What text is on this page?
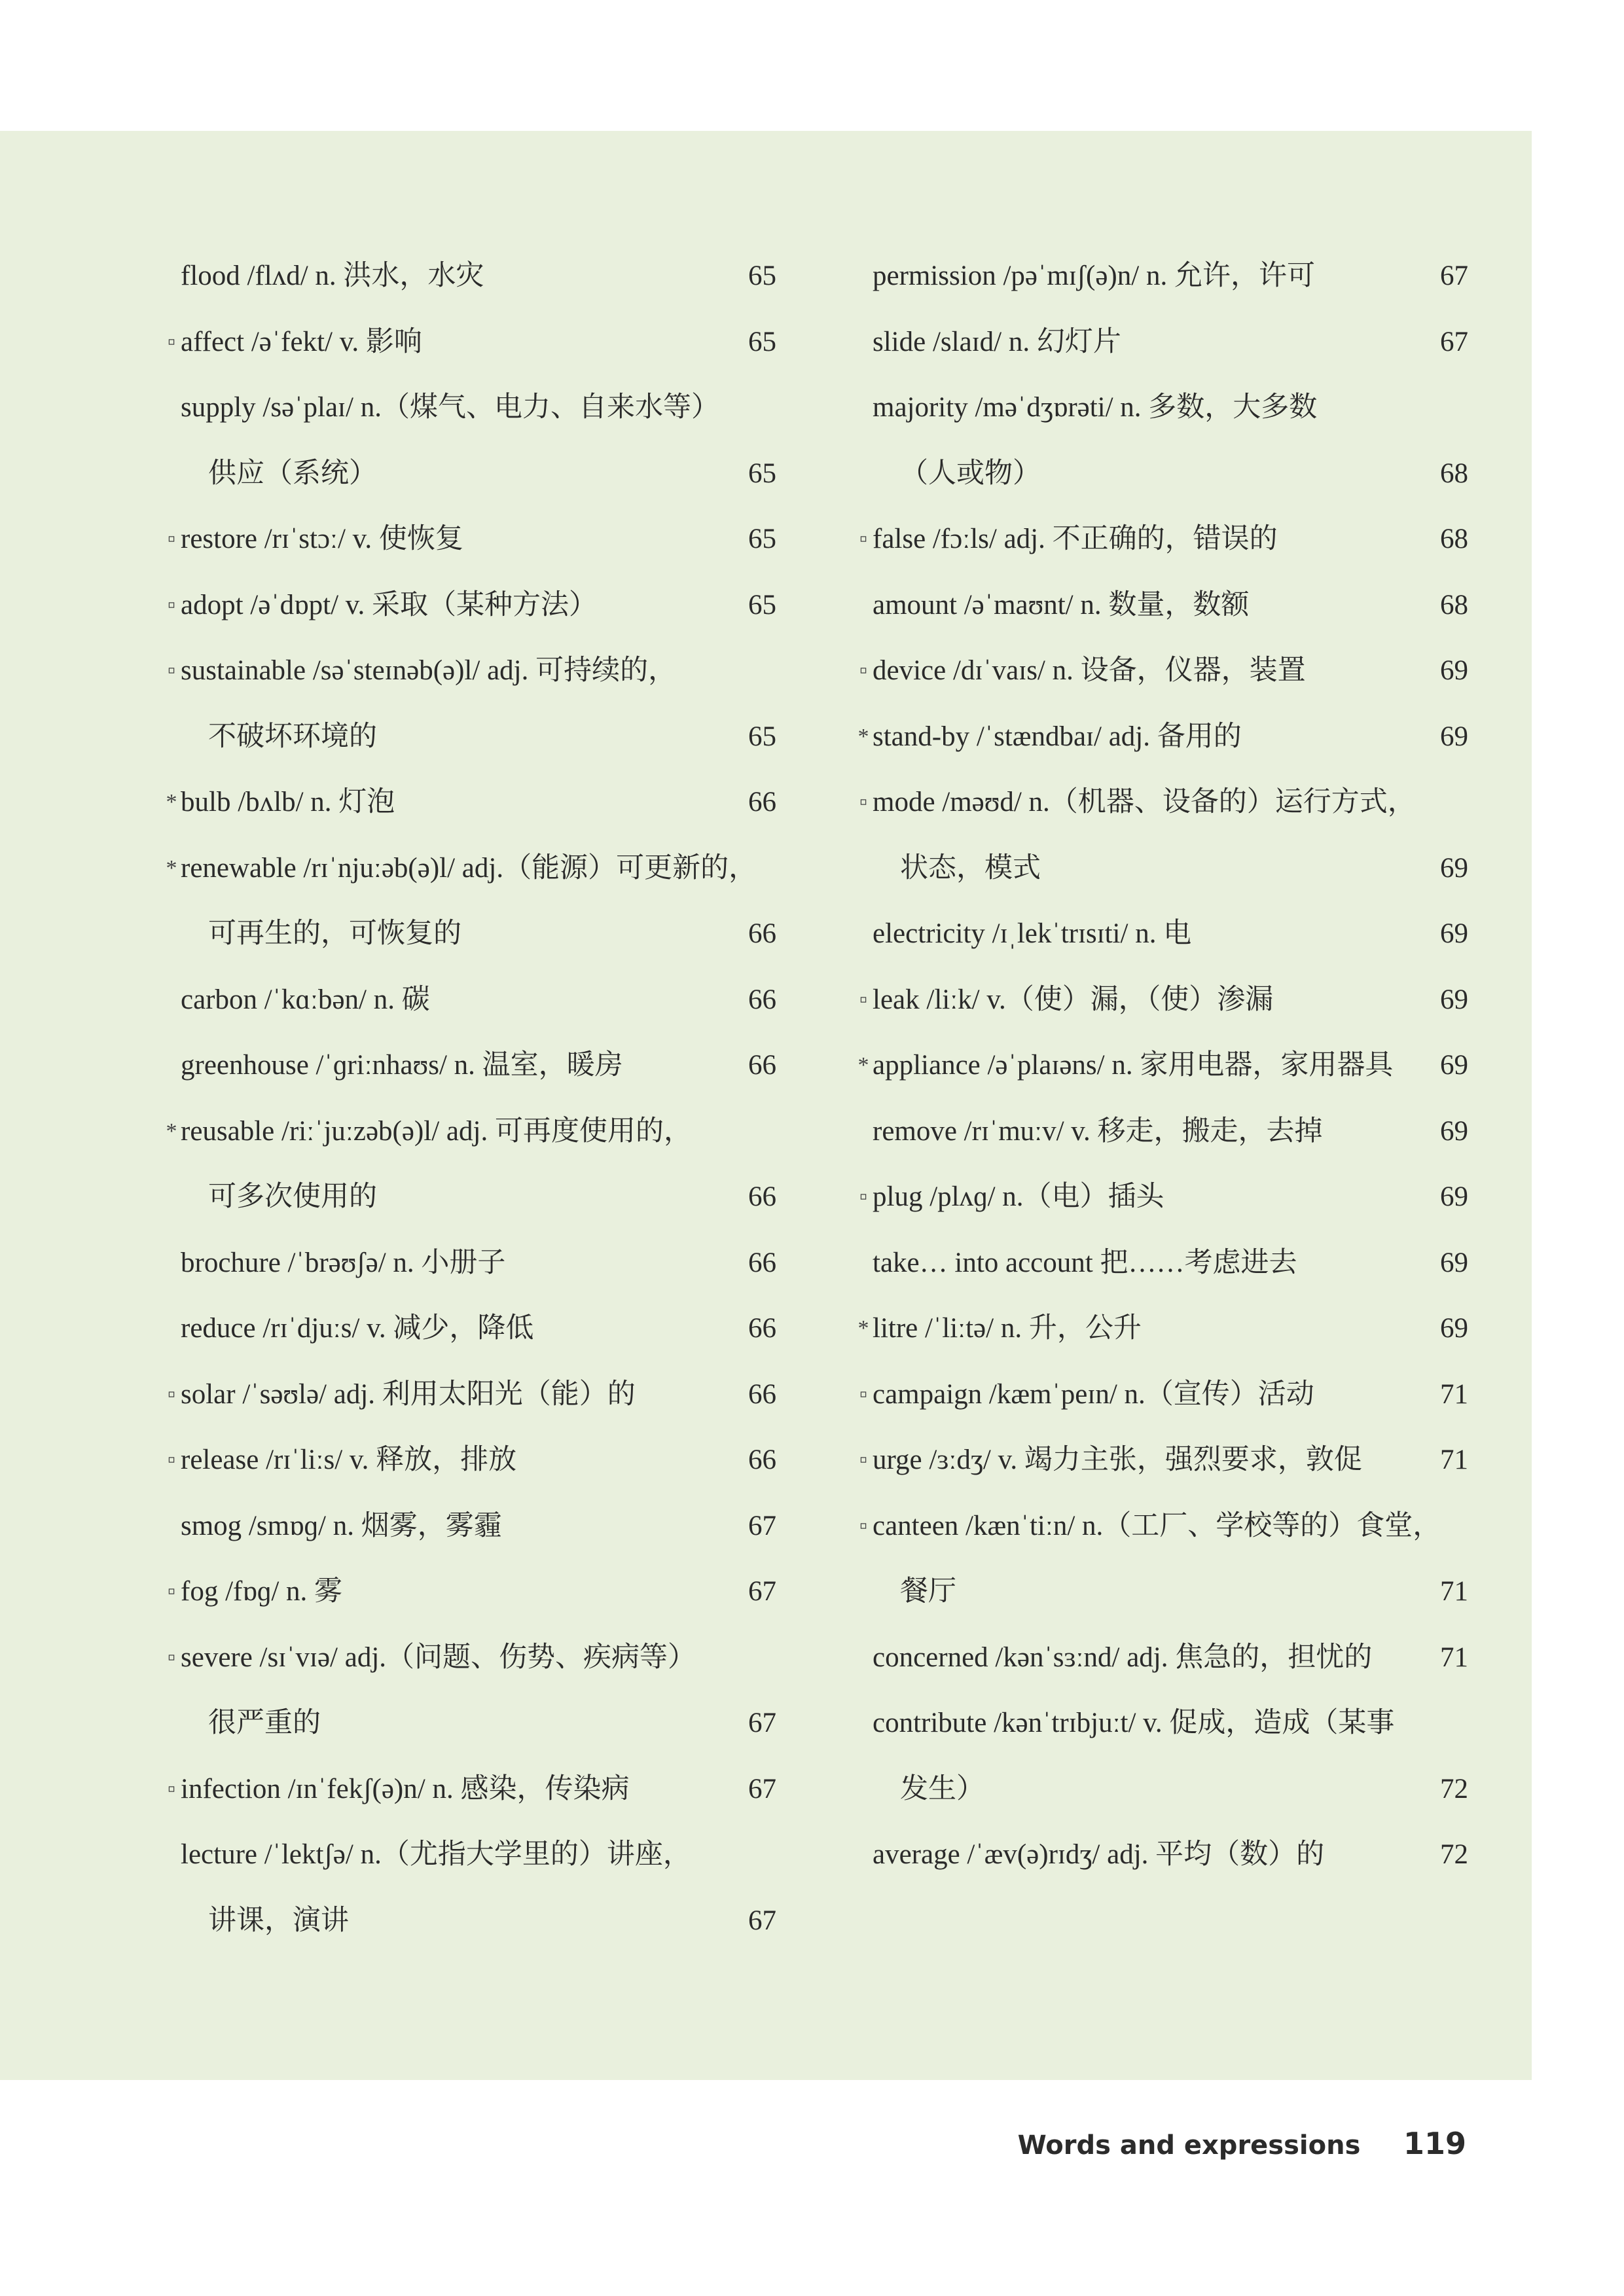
flood /flʌd/ n. 洪水，水灾	65
▫ affect /əˈfekt/ v. 影响	65
supply /səˈplaɪ/ n.（煤气、电力、自来水等）
供应（系统）	65
▫ restore /rɪˈstɔː/ v. 使恢复	65
▫ adopt /əˈdɒpt/ v. 采取（某种方法）	65
▫ sustainable /səˈsteɪnəb(ə)l/ adj. 可持续的，
不破坏环境的	65
* bulb /bʌlb/ n. 灯泡	66
* renewable /rɪˈnjuːəb(ə)l/ adj.（能源）可更新的，
可再生的，可恢复的	66
carbon /ˈkɑːbən/ n. 碳	66
greenhouse /ˈɡriːnhaʊs/ n. 温室，暖房	66
* reusable /riːˈjuːzəb(ə)l/ adj. 可再度使用的，
可多次使用的	66
brochure /ˈbrəʊʃə/ n. 小册子	66
reduce /rɪˈdjuːs/ v. 减少，降低	66
▫ solar /ˈsəʊlə/ adj. 利用太阳光（能）的	66
▫ release /rɪˈliːs/ v. 释放，排放	66
smog /smɒɡ/ n. 烟雾，雾霾	67
▫ fog /fɒɡ/ n. 雾	67
▫ severe /sɪˈvɪə/ adj.（问题、伤势、疾病等）
很严重的	67
▫ infection /ɪnˈfekʃ(ə)n/ n. 感染，传染病	67
lecture /ˈlektʃə/ n.（尤指大学里的）讲座，
讲课，演讲	67
permission /pəˈmɪʃ(ə)n/ n. 允许，许可	67
slide /slaɪd/ n. 幻灯片	67
majority /məˈdʒɒrəti/ n. 多数，大多数
（人或物）	68
▫ false /fɔːls/ adj. 不正确的，错误的	68
amount /əˈmaʊnt/ n. 数量，数额	68
▫ device /dɪˈvaɪs/ n. 设备，仪器，装置	69
* stand-by /ˈstændbaɪ/ adj. 备用的	69
▫ mode /məʊd/ n.（机器、设备的）运行方式，
状态，模式	69
electricity /ɪˌlekˈtrɪsɪti/ n. 电	69
▫ leak /liːk/ v.（使）漏，（使）渗漏	69
* appliance /əˈplaɪəns/ n. 家用电器，家用器具 69
remove /rɪˈmuːv/ v. 移走，搬走，去掉	69
▫ plug /plʌɡ/ n.（电）插头	69
take… into account 把……考虑进去	69
* litre /ˈliːtə/ n. 升，公升	69
▫ campaign /kæmˈpeɪn/ n.（宣传）活动	71
▫ urge /ɜːdʒ/ v. 竭力主张，强烈要求，敦促	71
▫ canteen /kænˈtiːn/ n.（工厂、学校等的）食堂，
餐厅	71
concerned /kənˈsɜːnd/ adj. 焦急的，担忧的 71
contribute /kənˈtrɪbjuːt/ v. 促成，造成（某事
发生）	72
average /ˈæv(ə)rɪdʒ/ adj. 平均（数）的	72
Words and expressions 119
